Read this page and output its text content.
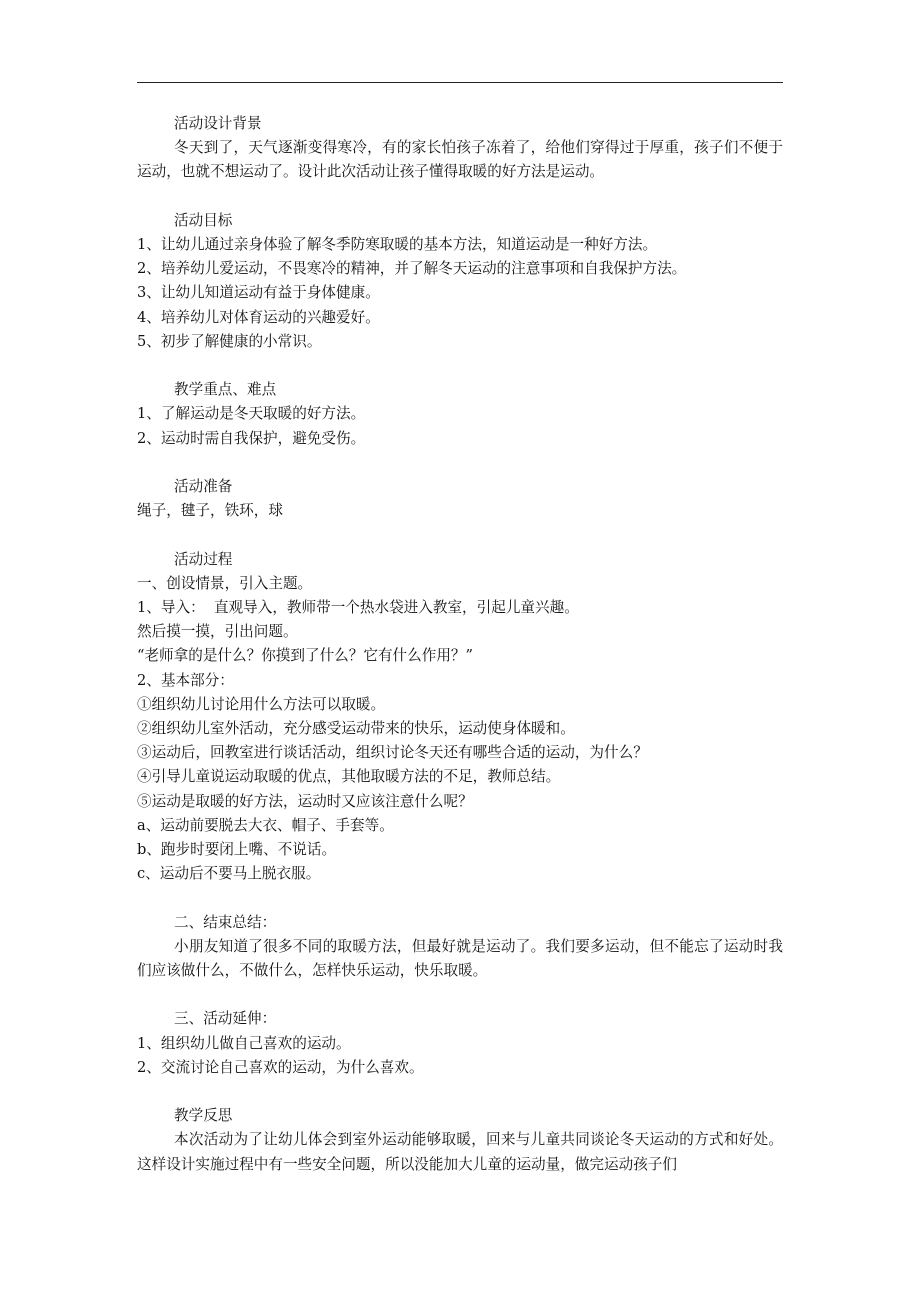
活动设计背景

冬天到了，天气逐渐变得寒冷，有的家长怕孩子冻着了，给他们穿得过于厚重，孩子们不便于运动，也就不想运动了。设计此次活动让孩子懂得取暖的好方法是运动。

活动目标

1、让幼儿通过亲身体验了解冬季防寒取暖的基本方法，知道运动是一种好方法。

2、培养幼儿爱运动，不畏寒冷的精神，并了解冬天运动的注意事项和自我保护方法。

3、让幼儿知道运动有益于身体健康。

4、培养幼儿对体育运动的兴趣爱好。

5、初步了解健康的小常识。

教学重点、难点

1、了解运动是冬天取暖的好方法。

2、运动时需自我保护，避免受伤。

活动准备

绳子，毽子，铁环，球

活动过程

一、创设情景，引入主题。

1、导入：  直观导入，教师带一个热水袋进入教室，引起儿童兴趣。

然后摸一摸，引出问题。

“老师拿的是什么？你摸到了什么？它有什么作用？”

2、基本部分：

①组织幼儿讨论用什么方法可以取暖。

②组织幼儿室外活动，充分感受运动带来的快乐，运动使身体暖和。

③运动后，回教室进行谈话活动，组织讨论冬天还有哪些合适的运动，为什么？

④引导儿童说运动取暖的优点，其他取暖方法的不足，教师总结。

⑤运动是取暖的好方法，运动时又应该注意什么呢？

a、运动前要脱去大衣、帽子、手套等。

b、跑步时要闭上嘴、不说话。

c、运动后不要马上脱衣服。

二、结束总结：

小朋友知道了很多不同的取暖方法，但最好就是运动了。我们要多运动，但不能忘了运动时我们应该做什么，不做什么，怎样快乐运动，快乐取暖。

三、活动延伸：

1、组织幼儿做自己喜欢的运动。

2、交流讨论自己喜欢的运动，为什么喜欢。

教学反思

本次活动为了让幼儿体会到室外运动能够取暖，回来与儿童共同谈论冬天运动的方式和好处。这样设计实施过程中有一些安全问题，所以没能加大儿童的运动量，做完运动孩子们
